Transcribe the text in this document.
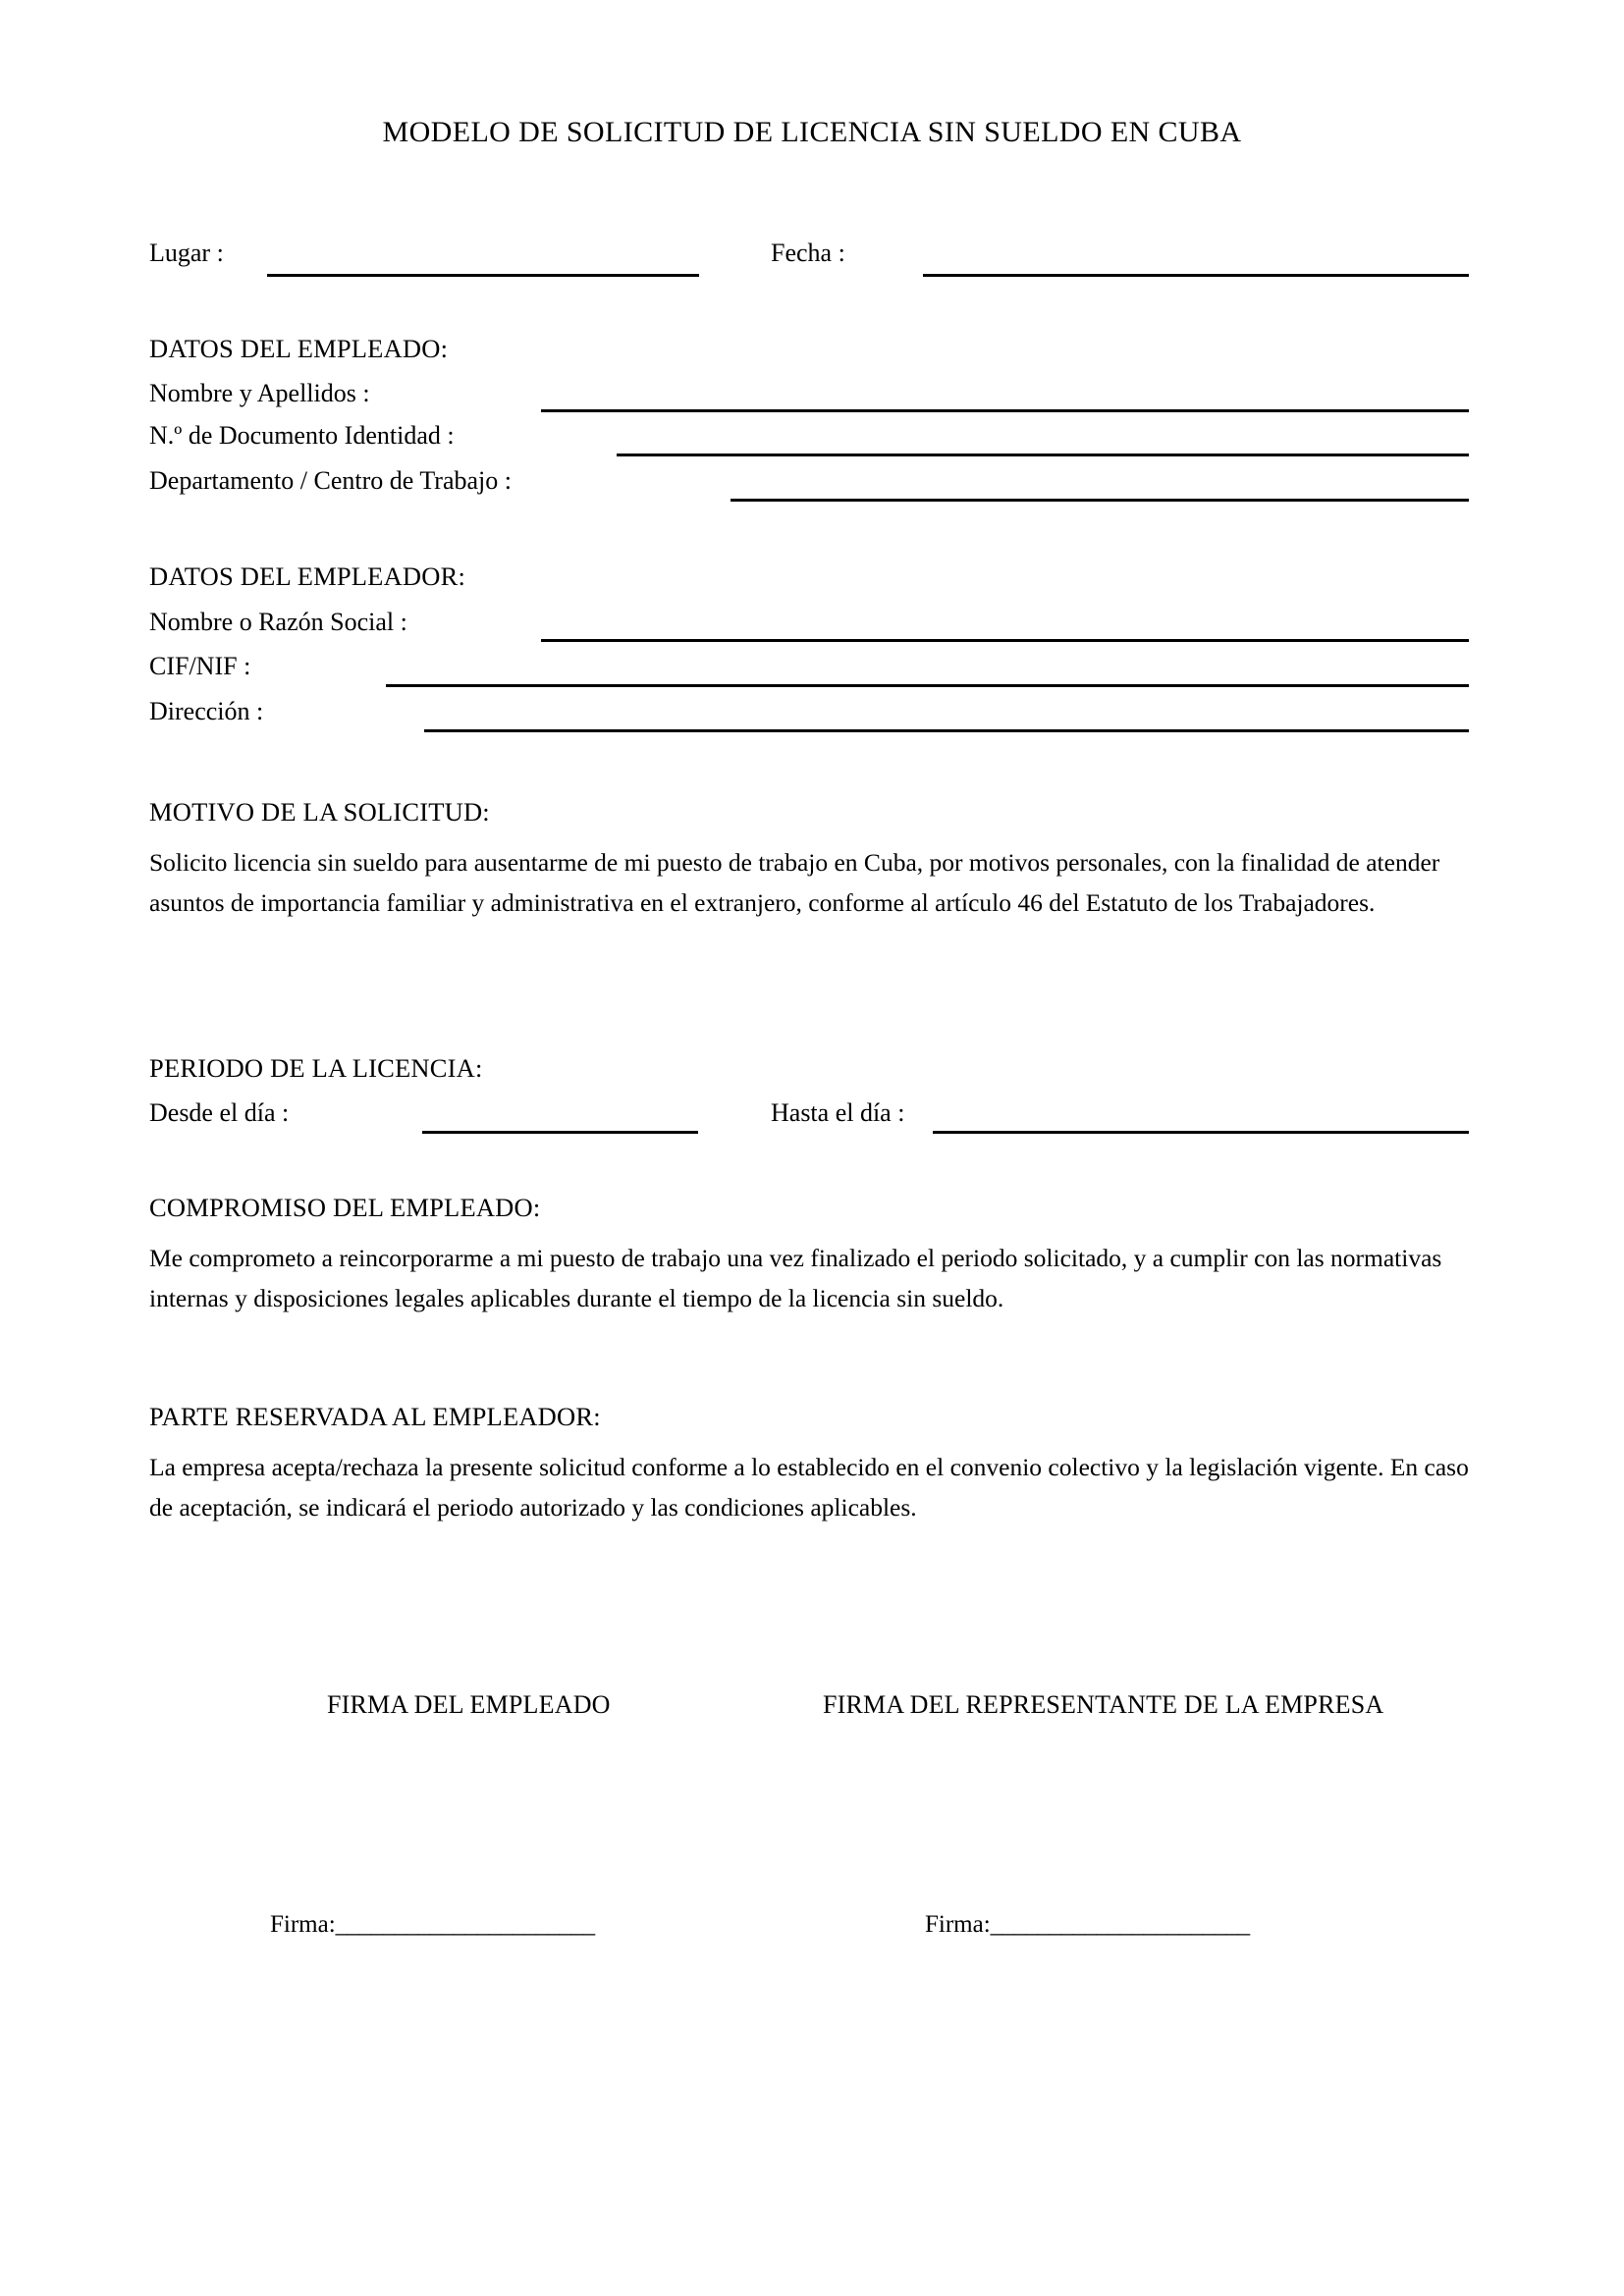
MODELO DE SOLICITUD DE LICENCIA SIN SUELDO EN CUBA
Lugar :	Fecha :
DATOS DEL EMPLEADO:
Nombre y Apellidos :
N.º de Documento Identidad :
Departamento / Centro de Trabajo :
DATOS DEL EMPLEADOR:
Nombre o Razón Social :
CIF/NIF :
Dirección :
MOTIVO DE LA SOLICITUD:
Solicito licencia sin sueldo para ausentarme de mi puesto de trabajo en Cuba, por motivos personales, con la finalidad de atender asuntos de importancia familiar y administrativa en el extranjero, conforme al artículo 46 del Estatuto de los Trabajadores.
PERIODO DE LA LICENCIA:
Desde el día :	Hasta el día :
COMPROMISO DEL EMPLEADO:
Me comprometo a reincorporarme a mi puesto de trabajo una vez finalizado el periodo solicitado, y a cumplir con las normativas internas y disposiciones legales aplicables durante el tiempo de la licencia sin sueldo.
PARTE RESERVADA AL EMPLEADOR:
La empresa acepta/rechaza la presente solicitud conforme a lo establecido en el convenio colectivo y la legislación vigente. En caso de aceptación, se indicará el periodo autorizado y las condiciones aplicables.
FIRMA DEL EMPLEADO	FIRMA DEL REPRESENTANTE DE LA EMPRESA
Firma:______________________	Firma:______________________
